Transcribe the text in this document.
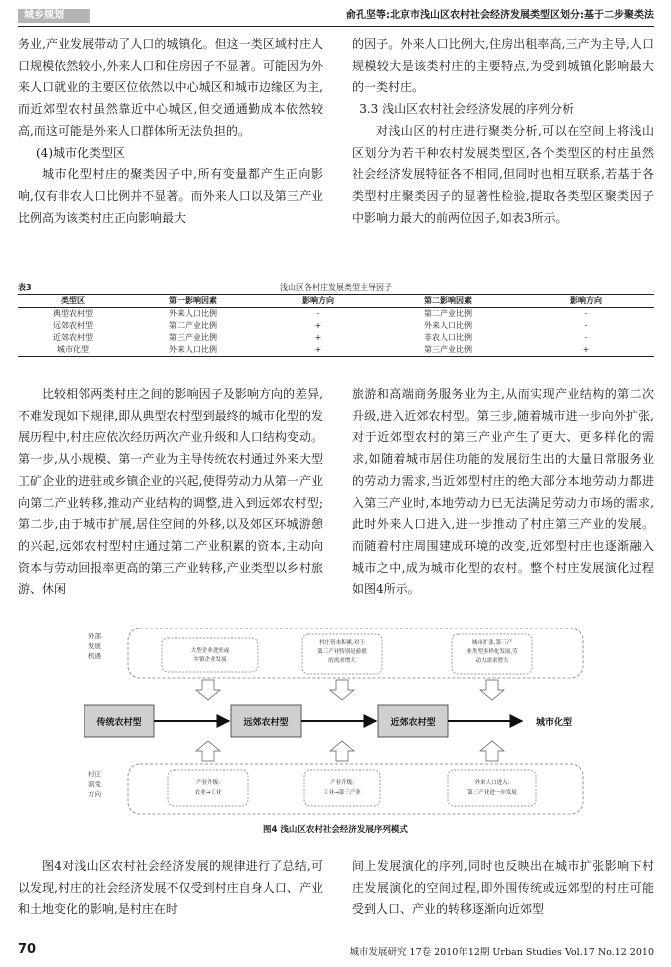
城乡规划	俞孔坚等:北京市浅山区农村社会经济发展类型区划分:基于二步聚类法

务业,产业发展带动了人口的城镇化。但这一类区域村庄人口规模依然较小,外来人口和住房因子不显著。可能因为外来人口就业的主要区位依然以中心城区和城市边缘区为主,而近郊型农村虽然靠近中心城区,但交通通勤成本依然较高,而这可能是外来人口群体所无法负担的。

(4)城市化类型区

城市化型村庄的聚类因子中,所有变量都产生正向影响,仅有非农人口比例并不显著。而外来人口以及第三产业比例高为该类村庄正向影响最大

的因子。外来人口比例大,住房出租率高,三产为主导,人口规模较大是该类村庄的主要特点,为受到城镇化影响最大的一类村庄。

3.3 浅山区农村社会经济发展的序列分析

对浅山区的村庄进行聚类分析,可以在空间上将浅山区划分为若干种农村发展类型区,各个类型区的村庄虽然社会经济发展特征各不相同,但同时也相互联系,若基于各类型村庄聚类因子的显著性检验,提取各类型区聚类因子中影响力最大的前两位因子,如表3所示。

表3	浅山区各村庄发展类型主导因子
类型区	第一影响因素	影响方向	第二影响因素	影响方向
典型农村型	外来人口比例	-	第二产业比例	-
远郊农村型	第二产业比例	+	外来人口比例	-
近郊农村型	第三产业比例	+	非农人口比例	-
城市化型	外来人口比例	+	第三产业比例	+

比较相邻两类村庄之间的影响因子及影响方向的差异,不难发现如下规律,即从典型农村型到最终的城市化型的发展历程中,村庄应依次经历两次产业升级和人口结构变动。第一步,从小规模、第一产业为主导传统农村通过外来大型工矿企业的进驻或乡镇企业的兴起,使得劳动力从第一产业向第二产业转移,推动产业结构的调整,进入到远郊农村型;第二步,由于城市扩展,居住空间的外移,以及郊区环城游憩的兴起,远郊农村型村庄通过第二产业积累的资本,主动向资本与劳动回报率更高的第三产业转移,产业类型以乡村旅游、休闲

旅游和高端商务服务业为主,从而实现产业结构的第二次升级,进入近郊农村型。第三步,随着城市进一步向外扩张,对于近郊型农村的第三产业产生了更大、更多样化的需求,如随着城市居住功能的发展衍生出的大量日常服务业的劳动力需求,当近郊型村庄的绝大部分本地劳动力都进入第三产业时,本地劳动力已无法满足劳动力市场的需求,此时外来人口进入,进一步推动了村庄第三产业的发展。而随着村庄周围建成环境的改变,近郊型村庄也逐渐融入城市之中,成为城市化型的农村。整个村庄发展演化过程如图4所示。

外部
发展
机遇
大型企业进驻或
乡镇企业发展
村庄资本积累,对于
第三产业特别是游憩
的需求增大
城市扩张,第三产
业类型多样化发展,劳
动力需求增大
传统农村型	远郊农村型	近郊农村型	城市化型
村庄
演变
方向
产业升级:
农业→工业
产业升级:
工业→第三产业
外来人口进入:
第三产业进一步发展
图4 浅山区农村社会经济发展序列模式

图4对浅山区农村社会经济发展的规律进行了总结,可以发现,村庄的社会经济发展不仅受到村庄自身人口、产业和土地变化的影响,是村庄在时

间上发展演化的序列,同时也反映出在城市扩张影响下村庄发展演化的空间过程,即外围传统或远郊型的村庄可能受到人口、产业的转移逐渐向近郊型

70	城市发展研究 17卷 2010年12期 Urban Studies Vol.17 No.12 2010
